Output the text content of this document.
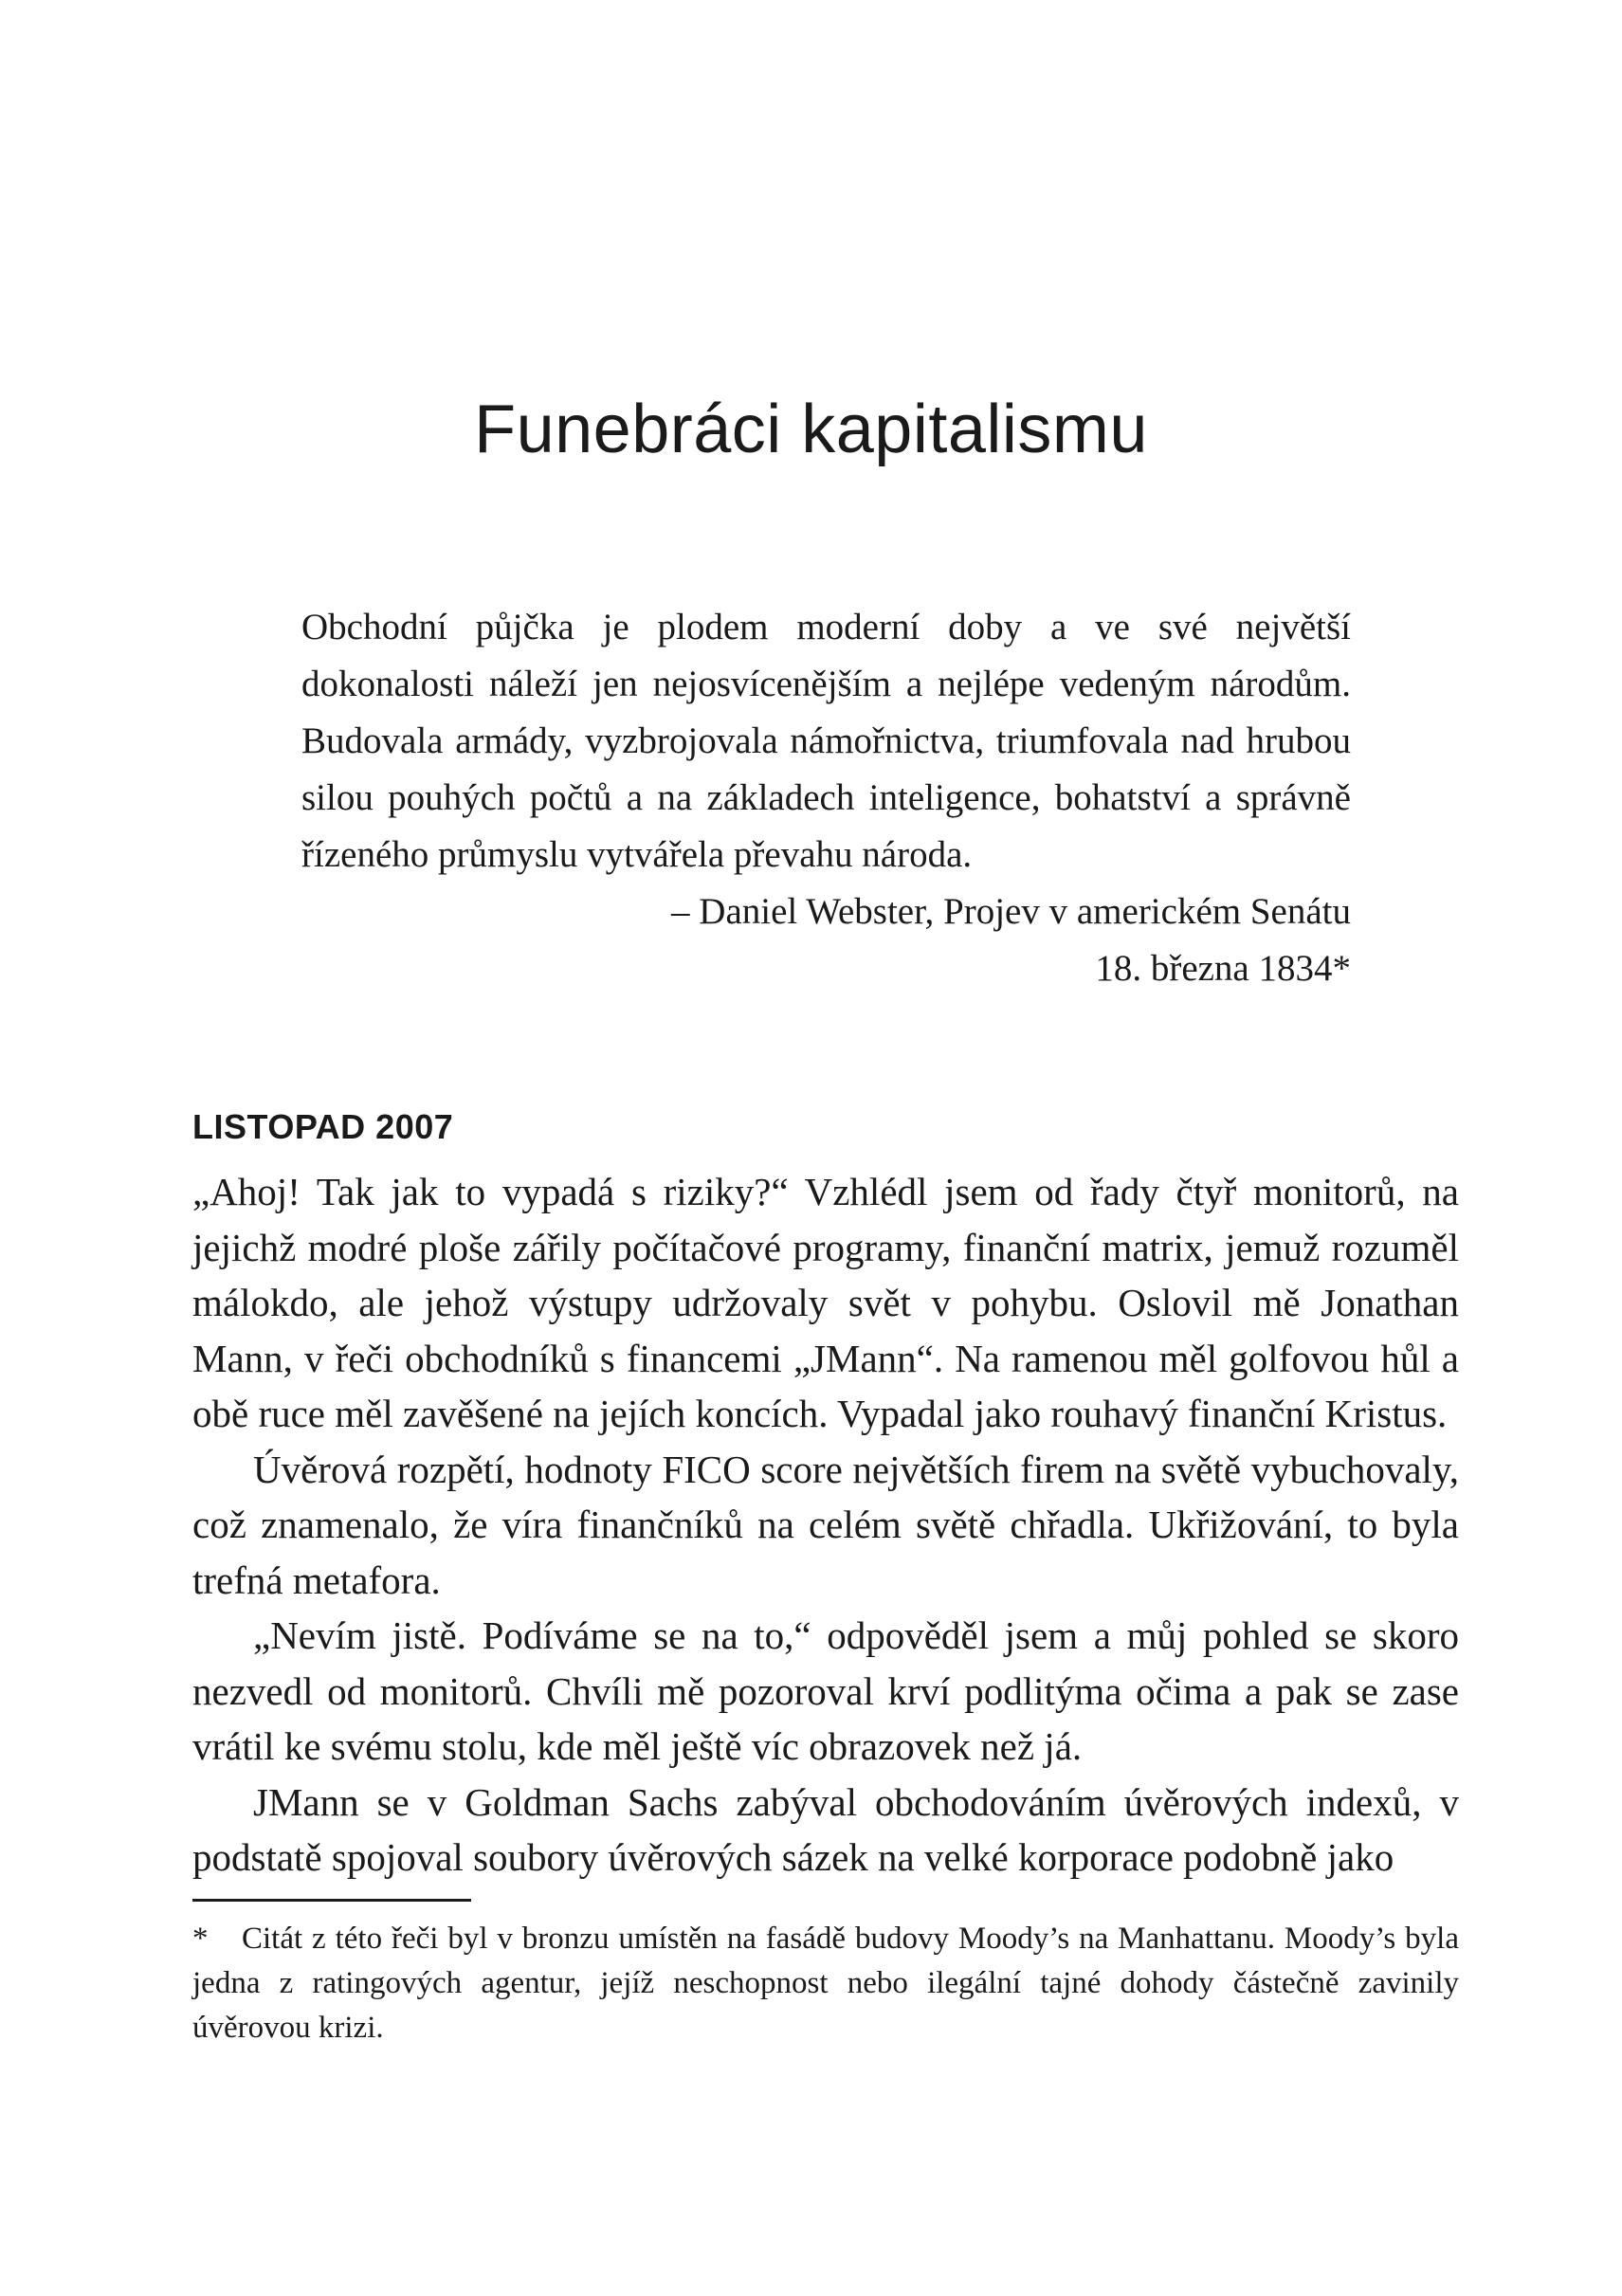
Funebráci kapitalismu

Obchodní půjčka je plodem moderní doby a ve své největší dokonalosti náleží jen nejosvícenějším a nejlépe vedeným národům. Budovala armády, vyzbrojovala námořnictva, triumfovala nad hrubou silou pouhých počtů a na základech inteligence, bohatství a správně řízeného průmyslu vytvářela převahu národa.

– Daniel Webster, Projev v americkém Senátu

18. března 1834*

LISTOPAD 2007

„Ahoj! Tak jak to vypadá s riziky?“ Vzhlédl jsem od řady čtyř monitorů, na jejichž modré ploše zářily počítačové programy, finanční matrix, jemuž rozuměl málokdo, ale jehož výstupy udržovaly svět v pohybu. Oslovil mě Jonathan Mann, v řeči obchodníků s financemi „JMann“. Na ramenou měl golfovou hůl a obě ruce měl zavěšené na jejích koncích. Vypadal jako rouhavý finanční Kristus.

Úvěrová rozpětí, hodnoty FICO score největších firem na světě vybuchovaly, což znamenalo, že víra finančníků na celém světě chřadla. Ukřižování, to byla trefná metafora.

„Nevím jistě. Podíváme se na to,“ odpověděl jsem a můj pohled se skoro nezvedl od monitorů. Chvíli mě pozoroval krví podlitýma očima a pak se zase vrátil ke svému stolu, kde měl ještě víc obrazovek než já.

JMann se v Goldman Sachs zabýval obchodováním úvěrových indexů, v podstatě spojoval soubory úvěrových sázek na velké korporace podobně jako

* Citát z této řeči byl v bronzu umístěn na fasádě budovy Moody’s na Manhattanu. Moody’s byla jedna z ratingových agentur, jejíž neschopnost nebo ilegální tajné dohody částečně zavinily úvěrovou krizi.
